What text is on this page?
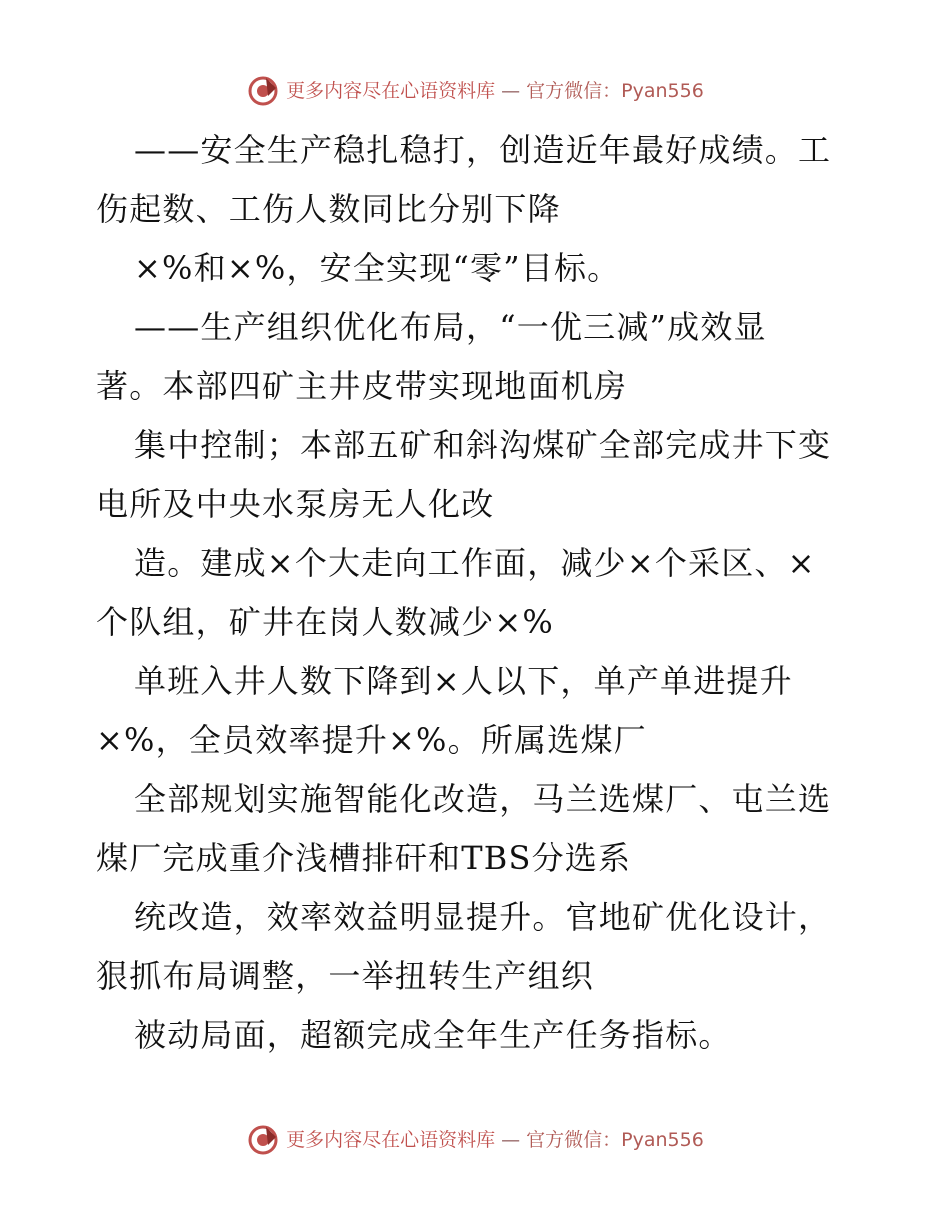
更多内容尽在心语资料库 — 官方微信：Pyan556
——安全生产稳扎稳打，创造近年最好成绩。工
伤起数、工伤人数同比分别下降
×%和×%，安全实现“零”目标。
——生产组织优化布局，“一优三减”成效显
著。本部四矿主井皮带实现地面机房
集中控制；本部五矿和斜沟煤矿全部完成井下变
电所及中央水泵房无人化改
造。建成×个大走向工作面，减少×个采区、×
个队组，矿井在岗人数减少×%
单班入井人数下降到×人以下，单产单进提升
×%，全员效率提升×%。所属选煤厂
全部规划实施智能化改造，马兰选煤厂、屯兰选
煤厂完成重介浅槽排矸和TBS分选系
统改造，效率效益明显提升。官地矿优化设计，
狠抓布局调整，一举扭转生产组织
被动局面，超额完成全年生产任务指标。
更多内容尽在心语资料库 — 官方微信：Pyan556
